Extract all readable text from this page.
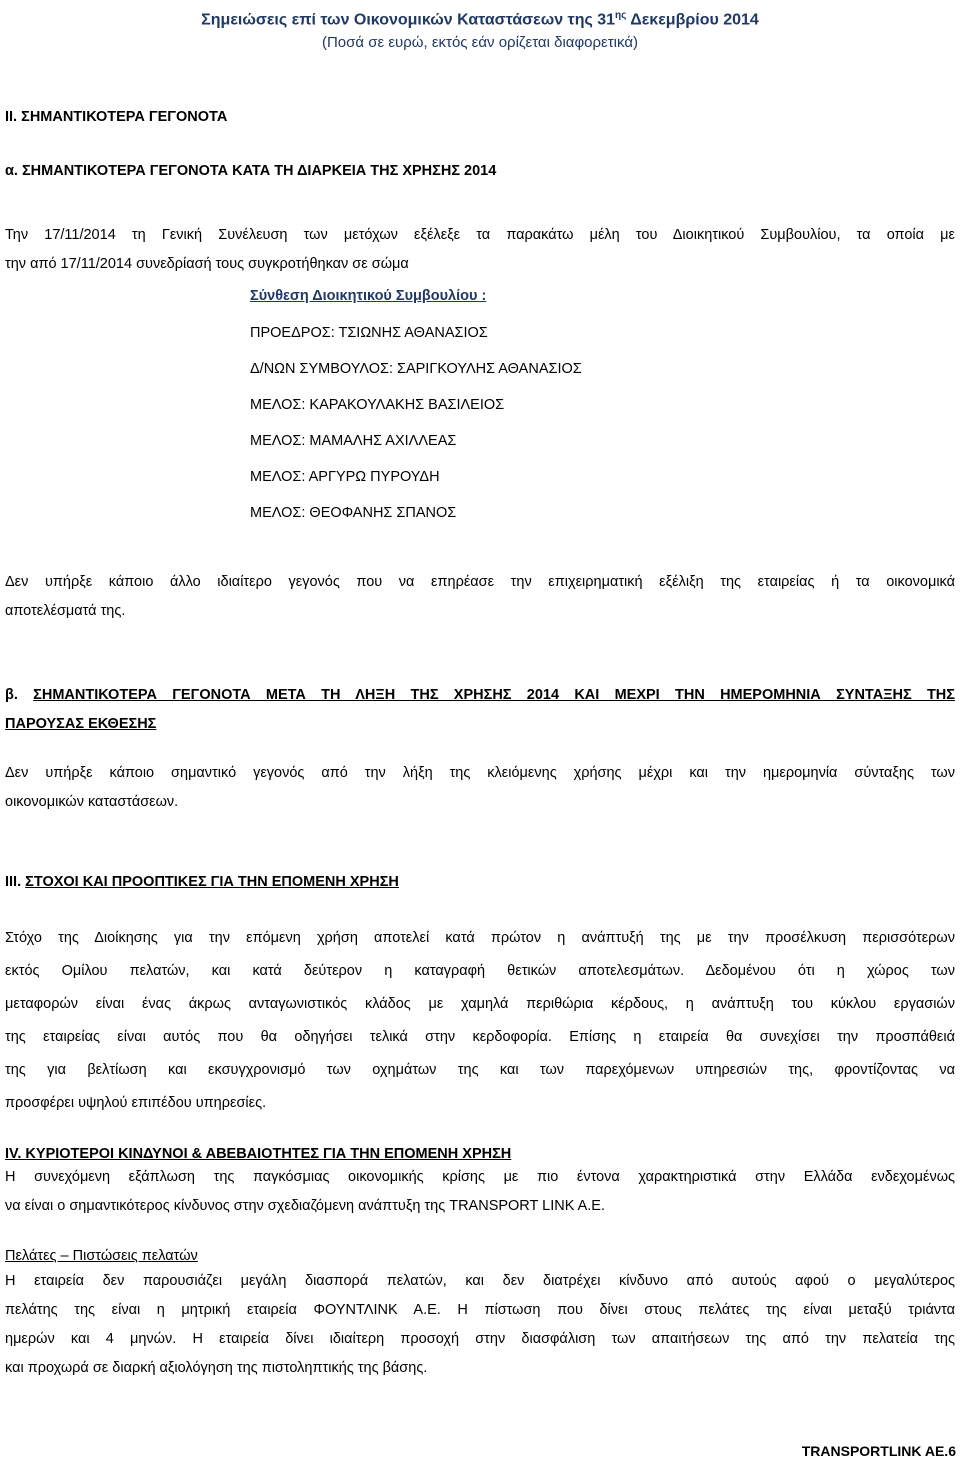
Σημειώσεις επί των Οικονομικών Καταστάσεων της $31^{\eta\varsigma}$ Δεκεμβρίου 2014
(Ποσά σε ευρώ, εκτός εάν ορίζεται διαφορετικά)
ΙΙ. ΣΗΜΑΝΤΙΚΟΤΕΡΑ ΓΕΓΟΝΟΤΑ
α. ΣΗΜΑΝΤΙΚΟΤΕΡΑ ΓΕΓΟΝΟΤΑ ΚΑΤΑ ΤΗ ΔΙΑΡΚΕΙΑ ΤΗΣ ΧΡΗΣΗΣ 2014
Την 17/11/2014 τη Γενική Συνέλευση των μετόχων εξέλεξε τα παρακάτω μέλη του Διοικητικού Συμβουλίου, τα οποία με
την από 17/11/2014 συνεδρίασή τους συγκροτήθηκαν σε σώμα
Σύνθεση Διοικητικού Συμβουλίου :
ΠΡΟΕΔΡΟΣ: ΤΣΙΩΝΗΣ ΑΘΑΝΑΣΙΟΣ
Δ/ΝΩΝ ΣΥΜΒΟΥΛΟΣ: ΣΑΡΙΓΚΟΥΛΗΣ ΑΘΑΝΑΣΙΟΣ
ΜΕΛΟΣ: ΚΑΡΑΚΟΥΛΑΚΗΣ ΒΑΣΙΛΕΙΟΣ
ΜΕΛΟΣ: ΜΑΜΑΛΗΣ ΑΧΙΛΛΕΑΣ
ΜΕΛΟΣ: ΑΡΓΥΡΩ ΠΥΡΟΥΔΗ
ΜΕΛΟΣ: ΘΕΟΦΑΝΗΣ ΣΠΑΝΟΣ
Δεν υπήρξε κάποιο άλλο ιδιαίτερο γεγονός που να επηρέασε την επιχειρηματική εξέλιξη της εταιρείας ή τα οικονομικά
αποτελέσματά της.
β. ΣΗΜΑΝΤΙΚΟΤΕΡΑ ΓΕΓΟΝΟΤΑ ΜΕΤΑ ΤΗ ΛΗΞΗ ΤΗΣ ΧΡΗΣΗΣ 2014 ΚΑΙ ΜΕΧΡΙ ΤΗΝ ΗΜΕΡΟΜΗΝΙΑ ΣΥΝΤΑΞΗΣ ΤΗΣ
ΠΑΡΟΥΣΑΣ ΕΚΘΕΣΗΣ
Δεν υπήρξε κάποιο σημαντικό γεγονός από την λήξη της κλειόμενης χρήσης μέχρι και την ημερομηνία σύνταξης των
οικονομικών καταστάσεων.
ΙΙΙ. ΣΤΟΧΟΙ ΚΑΙ ΠΡΟΟΠΤΙΚΕΣ ΓΙΑ ΤΗΝ ΕΠΟΜΕΝΗ ΧΡΗΣΗ
Στόχο της Διοίκησης για την επόμενη χρήση αποτελεί κατά πρώτον η ανάπτυξή της με την προσέλκυση περισσότερων
εκτός Ομίλου πελατών, και κατά δεύτερον η καταγραφή θετικών αποτελεσμάτων. Δεδομένου ότι η χώρος των
μεταφορών είναι ένας άκρως ανταγωνιστικός κλάδος με χαμηλά περιθώρια κέρδους, η ανάπτυξη του κύκλου εργασιών
της εταιρείας είναι αυτός που θα οδηγήσει τελικά στην κερδοφορία. Επίσης η εταιρεία θα συνεχίσει την προσπάθειά
της για βελτίωση και εκσυγχρονισμό των οχημάτων της και των παρεχόμενων υπηρεσιών της, φροντίζοντας να
προσφέρει υψηλού επιπέδου υπηρεσίες.
IV. ΚΥΡΙΟΤΕΡΟΙ ΚΙΝΔΥΝΟΙ & ΑΒΕΒΑΙΟΤΗΤΕΣ ΓΙΑ ΤΗΝ ΕΠΟΜΕΝΗ ΧΡΗΣΗ
Η συνεχόμενη εξάπλωση της παγκόσμιας οικονομικής κρίσης με πιο έντονα χαρακτηριστικά στην Ελλάδα ενδεχομένως
να είναι ο σημαντικότερος κίνδυνος στην σχεδιαζόμενη ανάπτυξη της TRANSPORT LINK A.E.
Πελάτες – Πιστώσεις πελατών
Η εταιρεία δεν παρουσιάζει μεγάλη διασπορά πελατών, και δεν διατρέχει κίνδυνο από αυτούς αφού ο μεγαλύτερος
πελάτης της είναι η μητρική εταιρεία ΦΟΥΝΤΛΙΝΚ Α.Ε. Η πίστωση που δίνει στους πελάτες της είναι μεταξύ τριάντα
ημερών και 4 μηνών. Η εταιρεία δίνει ιδιαίτερη προσοχή στην διασφάλιση των απαιτήσεων της από την πελατεία της
και προχωρά σε διαρκή αξιολόγηση της πιστοληπτικής της βάσης.
TRANSPORTLINK AE.6
